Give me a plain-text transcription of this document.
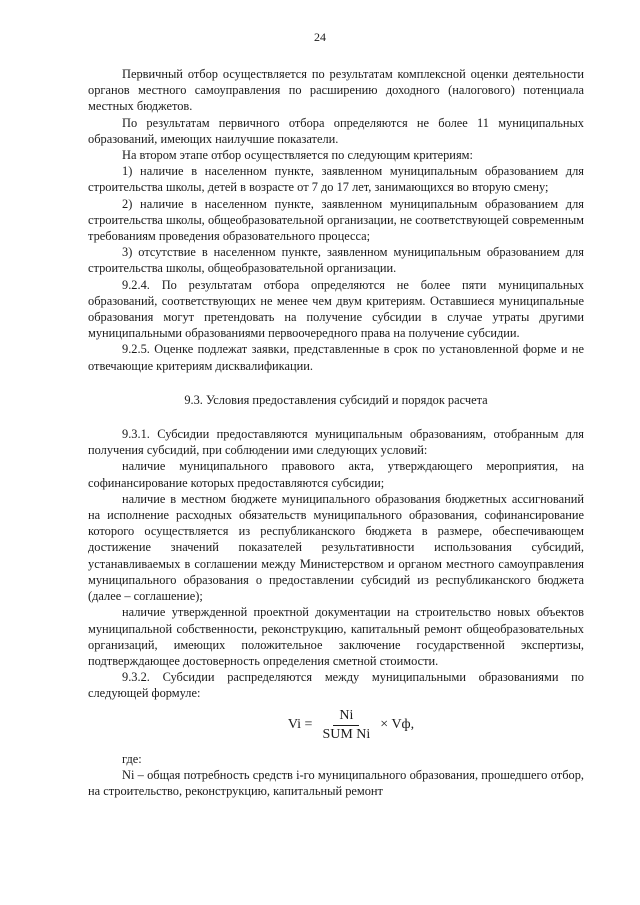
24

Первичный отбор осуществляется по результатам комплексной оценки деятельности органов местного самоуправления по расширению доходного (налогового) потенциала местных бюджетов.

По результатам первичного отбора определяются не более 11 муниципальных образований, имеющих наилучшие показатели.

На втором этапе отбор осуществляется по следующим критериям:

1) наличие в населенном пункте, заявленном муниципальным образованием для строительства школы, детей в возрасте от 7 до 17 лет, занимающихся во вторую смену;

2) наличие в населенном пункте, заявленном муниципальным образованием для строительства школы, общеобразовательной организации, не соответствующей современным требованиям проведения образовательного процесса;

3) отсутствие в населенном пункте, заявленном муниципальным образованием для строительства школы, общеобразовательной организации.

9.2.4. По результатам отбора определяются не более пяти муниципальных образований, соответствующих не менее чем двум критериям. Оставшиеся муниципальные образования могут претендовать на получение субсидии в случае утраты другими муниципальными образованиями первоочередного права на получение субсидии.

9.2.5. Оценке подлежат заявки, представленные в срок по установленной форме и не отвечающие критериям дисквалификации.

9.3. Условия предоставления субсидий и порядок расчета

9.3.1. Субсидии предоставляются муниципальным образованиям, отобранным для получения субсидий, при соблюдении ими следующих условий:

наличие муниципального правового акта, утверждающего мероприятия, на софинансирование которых предоставляются субсидии;

наличие в местном бюджете муниципального образования бюджетных ассигнований на исполнение расходных обязательств муниципального образования, софинансирование которого осуществляется из республиканского бюджета в размере, обеспечивающем достижение значений показателей результативности использования субсидий, устанавливаемых в соглашении между Министерством и органом местного самоуправления муниципального образования о предоставлении субсидий из республиканского бюджета (далее – соглашение);

наличие утвержденной проектной документации на строительство новых объектов муниципальной собственности, реконструкцию, капитальный ремонт общеобразовательных организаций, имеющих положительное заключение государственной экспертизы, подтверждающее достоверность определения сметной стоимости.

9.3.2. Субсидии распределяются между муниципальными образованиями по следующей формуле:

$Vi = \frac{Ni}{\text{SUM Ni}}$ × Vф,

где:

Ni – общая потребность средств i-го муниципального образования, прошедшего отбор, на строительство, реконструкцию, капитальный ремонт
